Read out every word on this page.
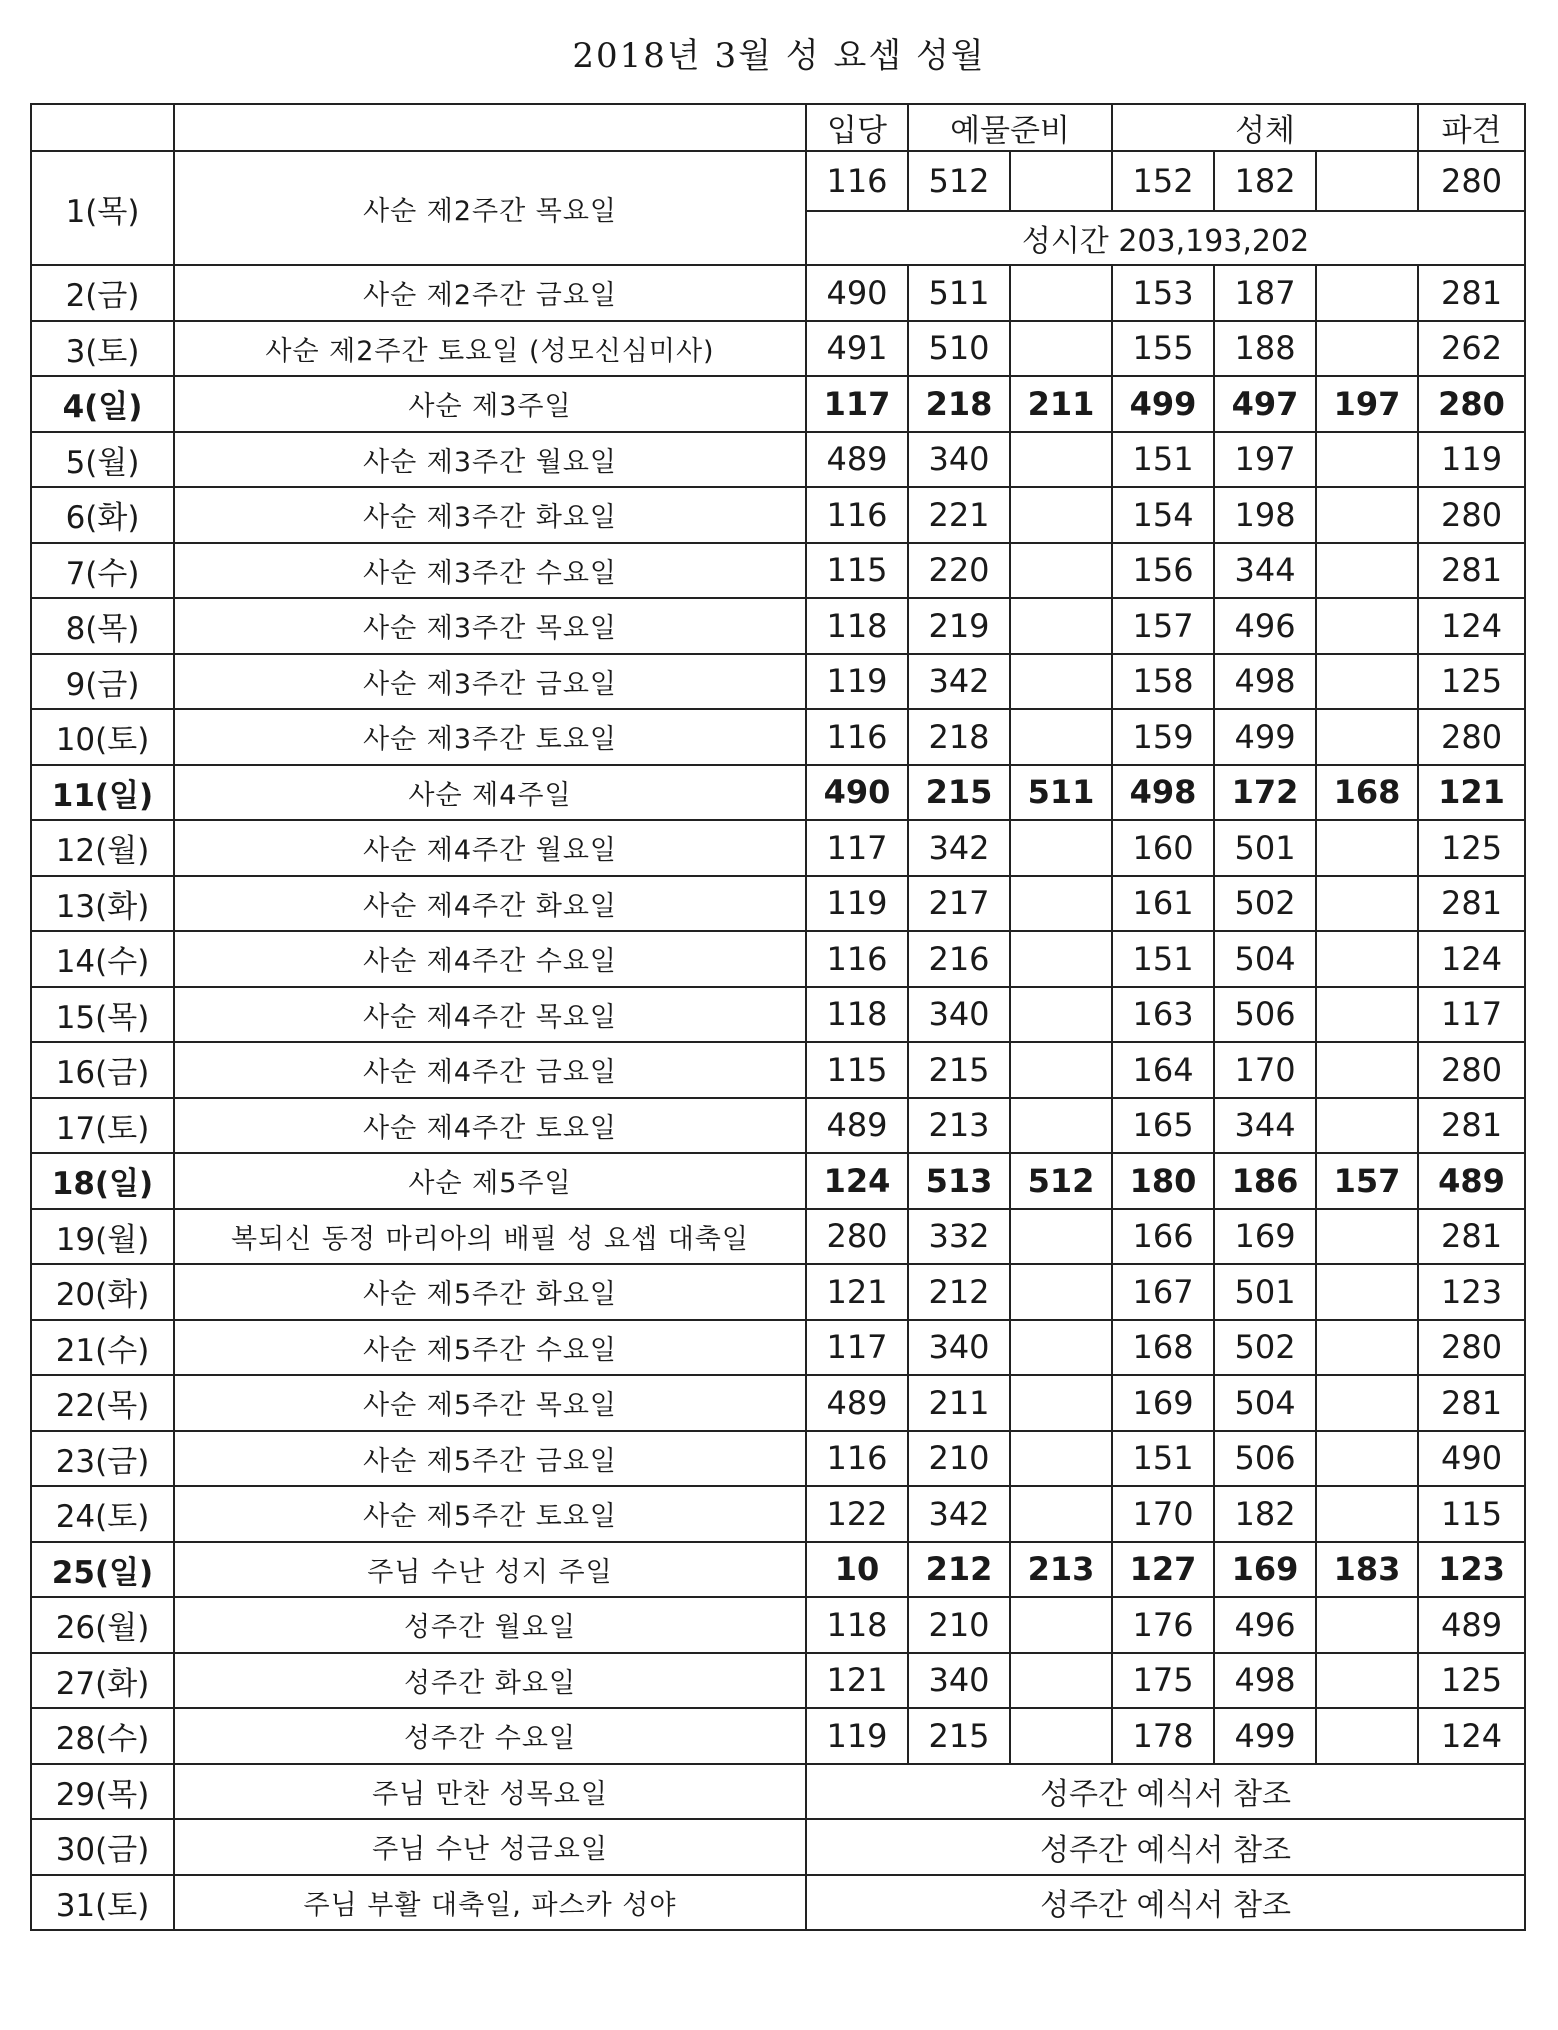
2018년 3월 성 요셉 성월
		입당	예물준비		성체			파견
1(목)	사순 제2주간 목요일	116	512		152	182		280
		성시간 203,193,202						
2(금)	사순 제2주간 금요일	490	511		153	187		281
3(토)	사순 제2주간 토요일 (성모신심미사)	491	510		155	188		262
4(일)	사순 제3주일	117	218	211	499	497	197	280
5(월)	사순 제3주간 월요일	489	340		151	197		119
6(화)	사순 제3주간 화요일	116	221		154	198		280
7(수)	사순 제3주간 수요일	115	220		156	344		281
8(목)	사순 제3주간 목요일	118	219		157	496		124
9(금)	사순 제3주간 금요일	119	342		158	498		125
10(토)	사순 제3주간 토요일	116	218		159	499		280
11(일)	사순 제4주일	490	215	511	498	172	168	121
12(월)	사순 제4주간 월요일	117	342		160	501		125
13(화)	사순 제4주간 화요일	119	217		161	502		281
14(수)	사순 제4주간 수요일	116	216		151	504		124
15(목)	사순 제4주간 목요일	118	340		163	506		117
16(금)	사순 제4주간 금요일	115	215		164	170		280
17(토)	사순 제4주간 토요일	489	213		165	344		281
18(일)	사순 제5주일	124	513	512	180	186	157	489
19(월)	복되신 동정 마리아의 배필 성 요셉 대축일	280	332		166	169		281
20(화)	사순 제5주간 화요일	121	212		167	501		123
21(수)	사순 제5주간 수요일	117	340		168	502		280
22(목)	사순 제5주간 목요일	489	211		169	504		281
23(금)	사순 제5주간 금요일	116	210		151	506		490
24(토)	사순 제5주간 토요일	122	342		170	182		115
25(일)	주님 수난 성지 주일	10	212	213	127	169	183	123
26(월)	성주간 월요일	118	210		176	496		489
27(화)	성주간 화요일	121	340		175	498		125
28(수)	성주간 수요일	119	215		178	499		124
29(목)	주님 만찬 성목요일	성주간 예식서 참조						
30(금)	주님 수난 성금요일	성주간 예식서 참조						
31(토)	주님 부활 대축일, 파스카 성야	성주간 예식서 참조						
